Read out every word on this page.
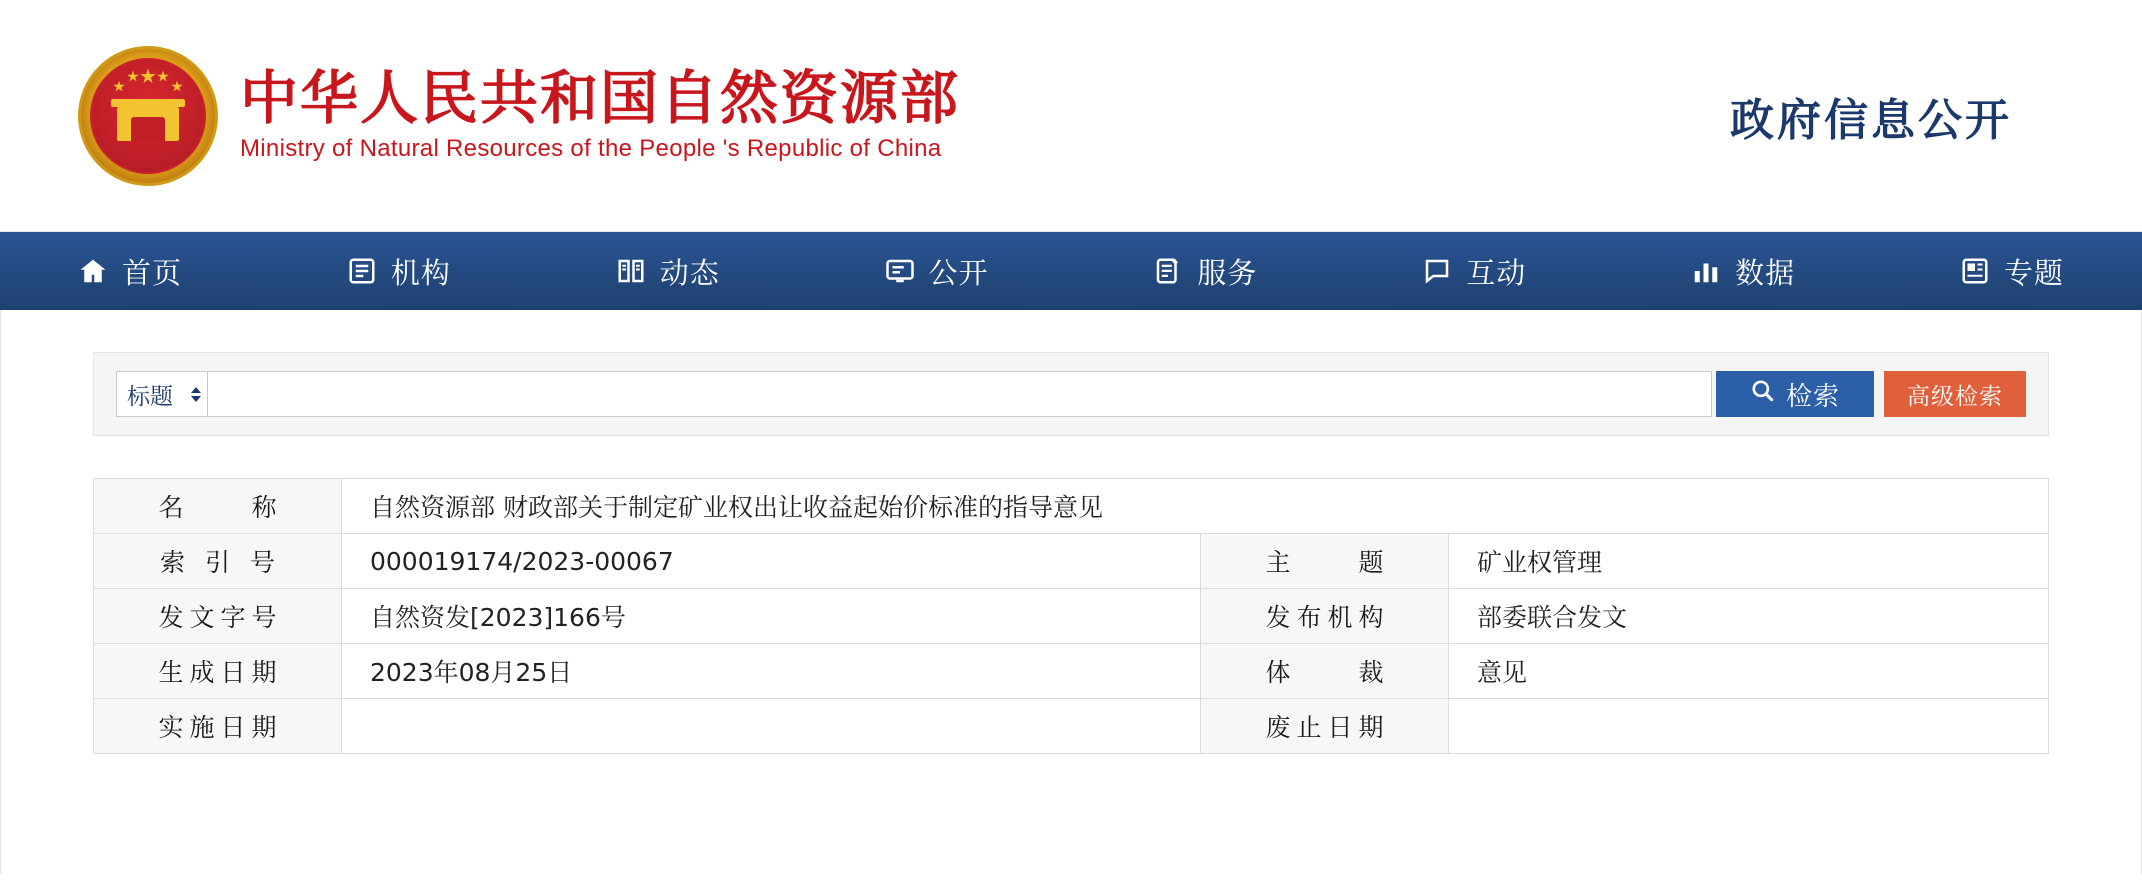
中华人民共和国自然资源部
Ministry of Natural Resources of the People 's Republic of China
政府信息公开
首页	机构	动态	公开	服务	互动	数据	专题
标题	检索	高级检索
名　　称	自然资源部 财政部关于制定矿业权出让收益起始价标准的指导意见		
索 引 号	000019174/2023-00067	主　　题	矿业权管理
发文字号	自然资发[2023]166号	发布机构	部委联合发文
生成日期	2023年08月25日	体　　裁	意见
实施日期		废止日期	
